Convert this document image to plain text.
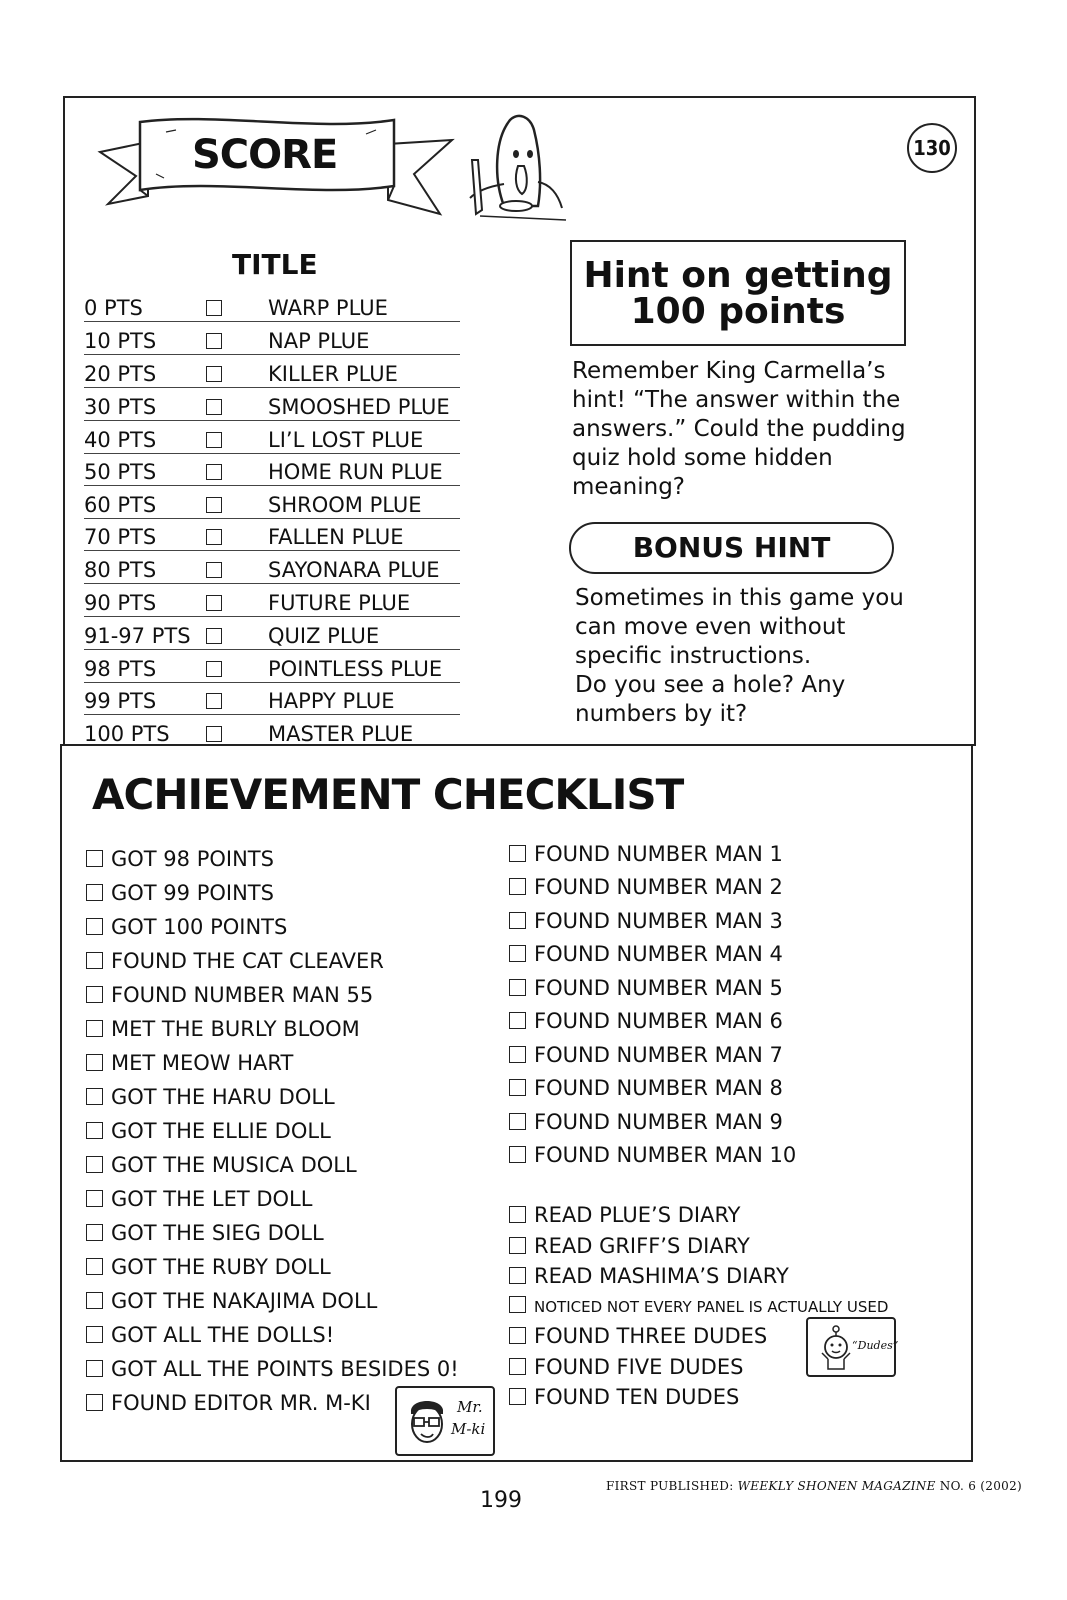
SCORE	130
TITLE
0 PTS	WARP PLUE
10 PTS	NAP PLUE
20 PTS	KILLER PLUE
30 PTS	SMOOSHED PLUE
40 PTS	LI’L LOST PLUE
50 PTS	HOME RUN PLUE
60 PTS	SHROOM PLUE
70 PTS	FALLEN PLUE
80 PTS	SAYONARA PLUE
90 PTS	FUTURE PLUE
91-97 PTS	QUIZ PLUE
98 PTS	POINTLESS PLUE
99 PTS	HAPPY PLUE
100 PTS	MASTER PLUE
Hint on getting
100 points
Remember King Carmella’s hint! “The answer within the answers.” Could the pudding quiz hold some hidden meaning?
BONUS HINT
Sometimes in this game you can move even without specific instructions.
Do you see a hole? Any numbers by it?
ACHIEVEMENT CHECKLIST
GOT 98 POINTS
GOT 99 POINTS
GOT 100 POINTS
FOUND THE CAT CLEAVER
FOUND NUMBER MAN 55
MET THE BURLY BLOOM
MET MEOW HART
GOT THE HARU DOLL
GOT THE ELLIE DOLL
GOT THE MUSICA DOLL
GOT THE LET DOLL
GOT THE SIEG DOLL
GOT THE RUBY DOLL
GOT THE NAKAJIMA DOLL
GOT ALL THE DOLLS!
GOT ALL THE POINTS BESIDES 0!
FOUND EDITOR MR. M-KI	Mr.
M-ki
FOUND NUMBER MAN 1
FOUND NUMBER MAN 2
FOUND NUMBER MAN 3
FOUND NUMBER MAN 4
FOUND NUMBER MAN 5
FOUND NUMBER MAN 6
FOUND NUMBER MAN 7
FOUND NUMBER MAN 8
FOUND NUMBER MAN 9
FOUND NUMBER MAN 10
READ PLUE’S DIARY
READ GRIFF’S DIARY
READ MASHIMA’S DIARY
NOTICED NOT EVERY PANEL IS ACTUALLY USED
FOUND THREE DUDES
FOUND FIVE DUDES
FOUND TEN DUDES
“Dudes”
199
FIRST PUBLISHED: WEEKLY SHONEN MAGAZINE NO. 6 (2002)
